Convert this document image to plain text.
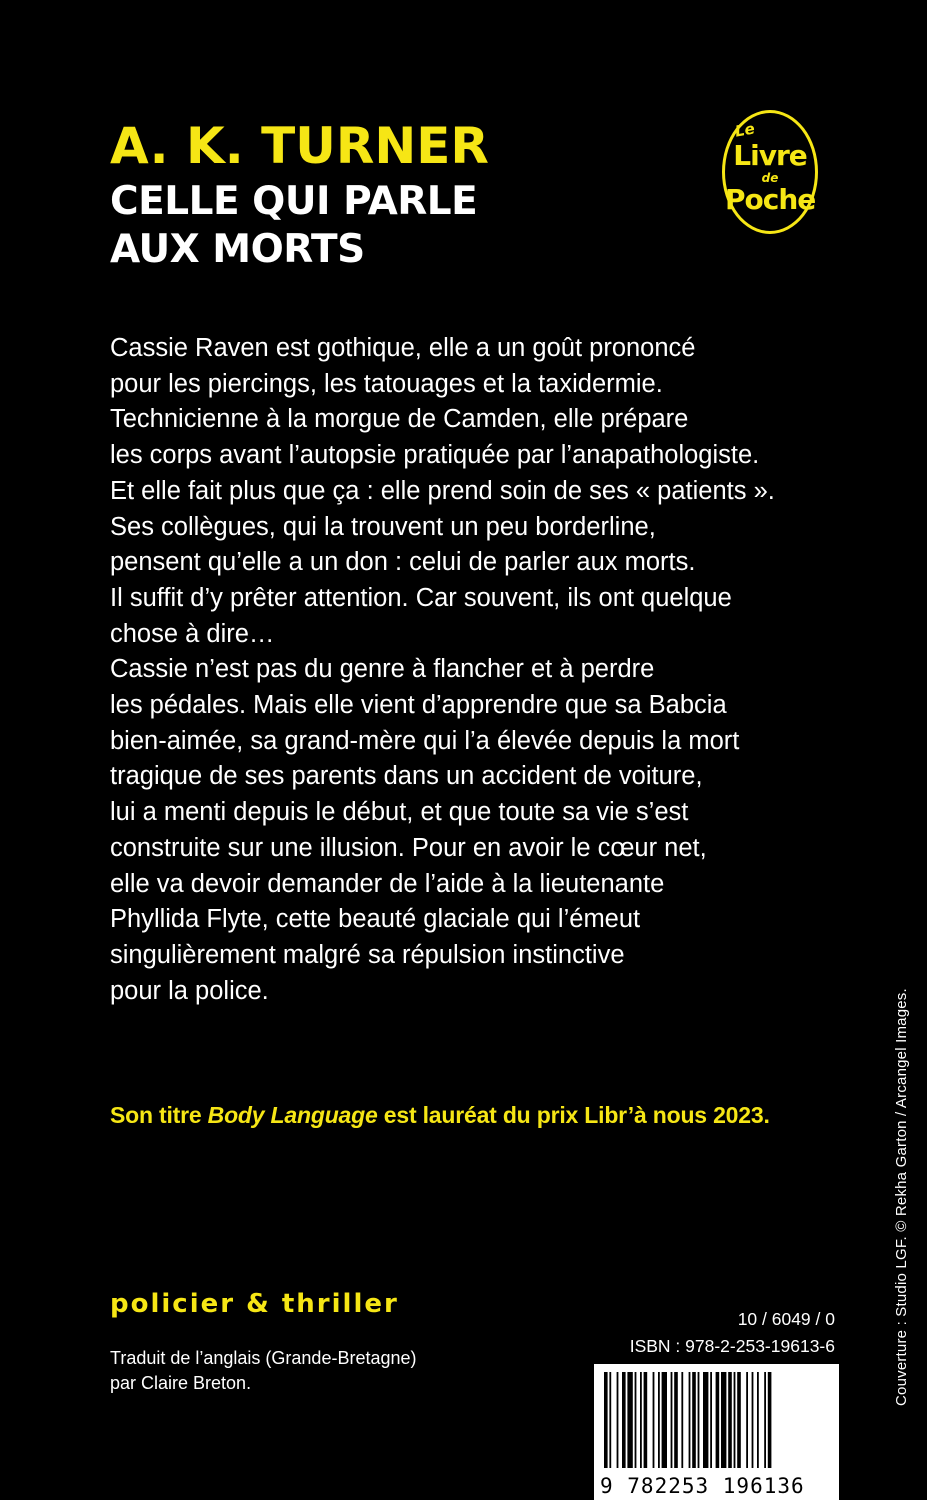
A. K. TURNER
CELLE QUI PARLE
AUX MORTS
Le
Livre
de
Poche
Cassie Raven est gothique, elle a un goût prononcé
pour les piercings, les tatouages et la taxidermie.
Technicienne à la morgue de Camden, elle prépare
les corps avant l’autopsie pratiquée par l’anapathologiste.
Et elle fait plus que ça : elle prend soin de ses « patients ».
Ses collègues, qui la trouvent un peu borderline,
pensent qu’elle a un don : celui de parler aux morts.
Il suffit d’y prêter attention. Car souvent, ils ont quelque
chose à dire…
Cassie n’est pas du genre à flancher et à perdre
les pédales. Mais elle vient d’apprendre que sa Babcia
bien-aimée, sa grand-mère qui l’a élevée depuis la mort
tragique de ses parents dans un accident de voiture,
lui a menti depuis le début, et que toute sa vie s’est
construite sur une illusion. Pour en avoir le cœur net,
elle va devoir demander de l’aide à la lieutenante
Phyllida Flyte, cette beauté glaciale qui l’émeut
singulièrement malgré sa répulsion instinctive
pour la police.
Son titre Body Language est lauréat du prix Libr’à nous 2023.
policier & thriller
Traduit de l’anglais (Grande-Bretagne)
par Claire Breton.
10 / 6049 / 0
ISBN : 978-2-253-19613-6
9 782253 196136
Couverture : Studio LGF. © Rekha Garton / Arcangel Images.
